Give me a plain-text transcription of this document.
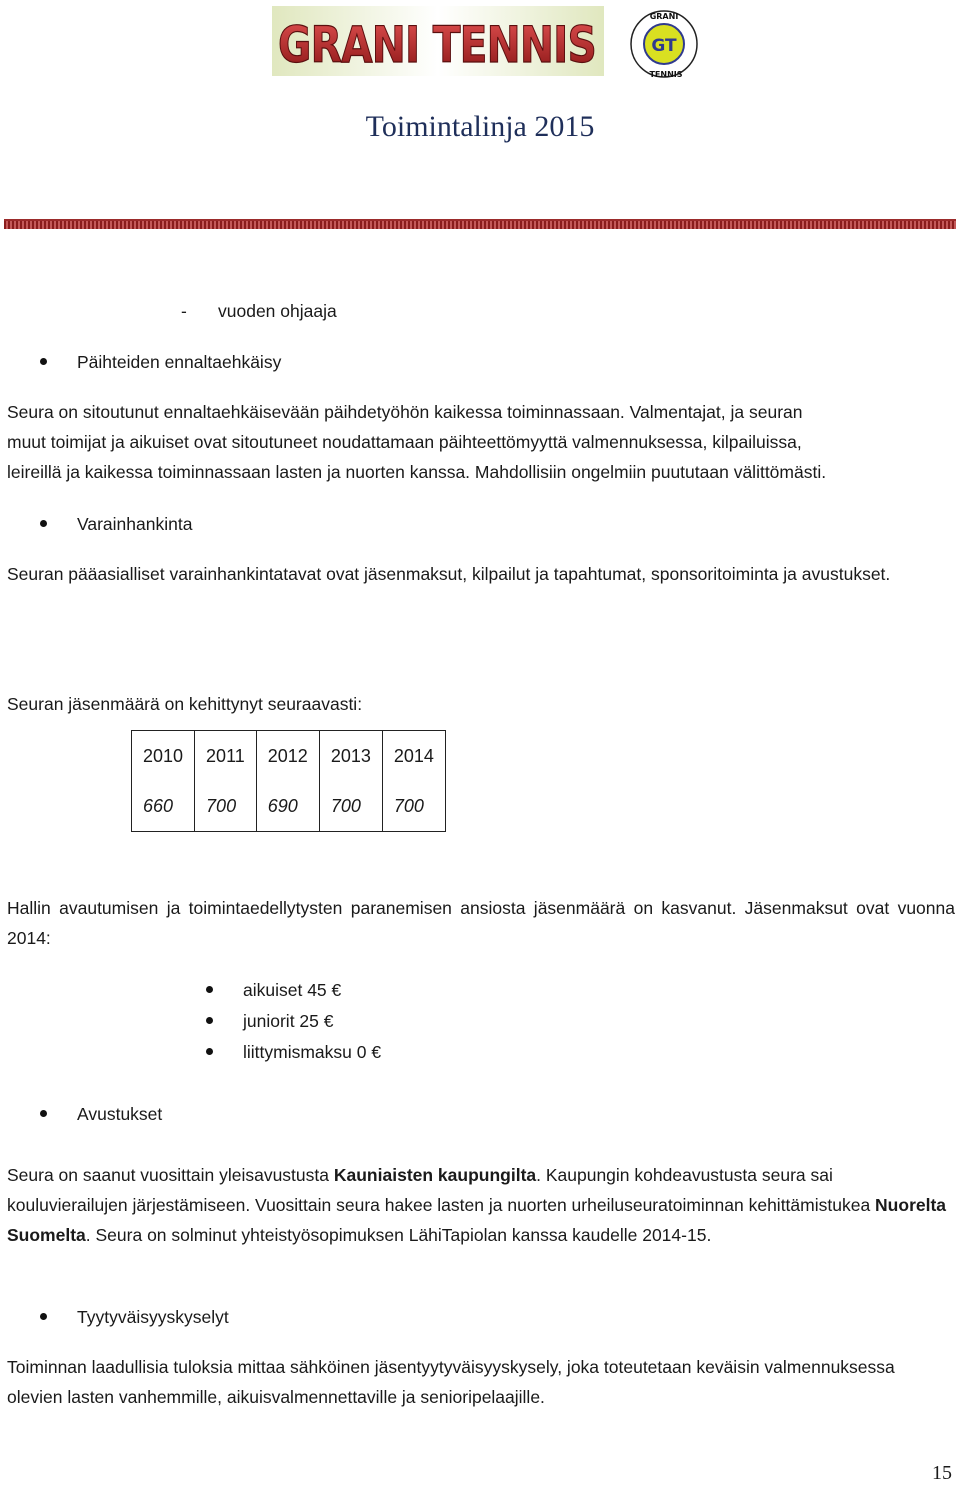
GRANI TENNIS	GT
GRANI
TENNIS
Toimintalinja 2015
- vuoden ohjaaja
Päihteiden ennaltaehkäisy
Seura on sitoutunut ennaltaehkäisevään päihdetyöhön kaikessa toiminnassaan. Valmentajat, ja seuran
muut toimijat ja aikuiset ovat sitoutuneet noudattamaan päihteettömyyttä valmennuksessa, kilpailuissa,
leireillä ja kaikessa toiminnassaan lasten ja nuorten kanssa. Mahdollisiin ongelmiin puututaan välittömästi.
Varainhankinta
Seuran pääasialliset varainhankintatavat ovat jäsenmaksut, kilpailut ja tapahtumat, sponsoritoiminta ja avustukset.
Seuran jäsenmäärä on kehittynyt seuraavasti:
2010	2011	2012	2013	2014
660	700	690	700	700
Hallin avautumisen ja toimintaedellytysten paranemisen ansiosta jäsenmäärä on kasvanut. Jäsenmaksut ovat vuonna 2014:
aikuiset 45 €
juniorit 25 €
liittymismaksu 0 €
Avustukset
Seura on saanut vuosittain yleisavustusta Kauniaisten kaupungilta. Kaupungin kohdeavustusta seura sai kouluvierailujen järjestämiseen. Vuosittain seura hakee lasten ja nuorten urheiluseuratoiminnan kehittämistukea Nuorelta Suomelta. Seura on solminut yhteistyösopimuksen LähiTapiolan kanssa kaudelle 2014-15.
Tyytyväisyyskyselyt
Toiminnan laadullisia tuloksia mittaa sähköinen jäsentyytyväisyyskysely, joka toteutetaan keväisin valmennuksessa olevien lasten vanhemmille, aikuisvalmennettaville ja senioripelaajille.
15
